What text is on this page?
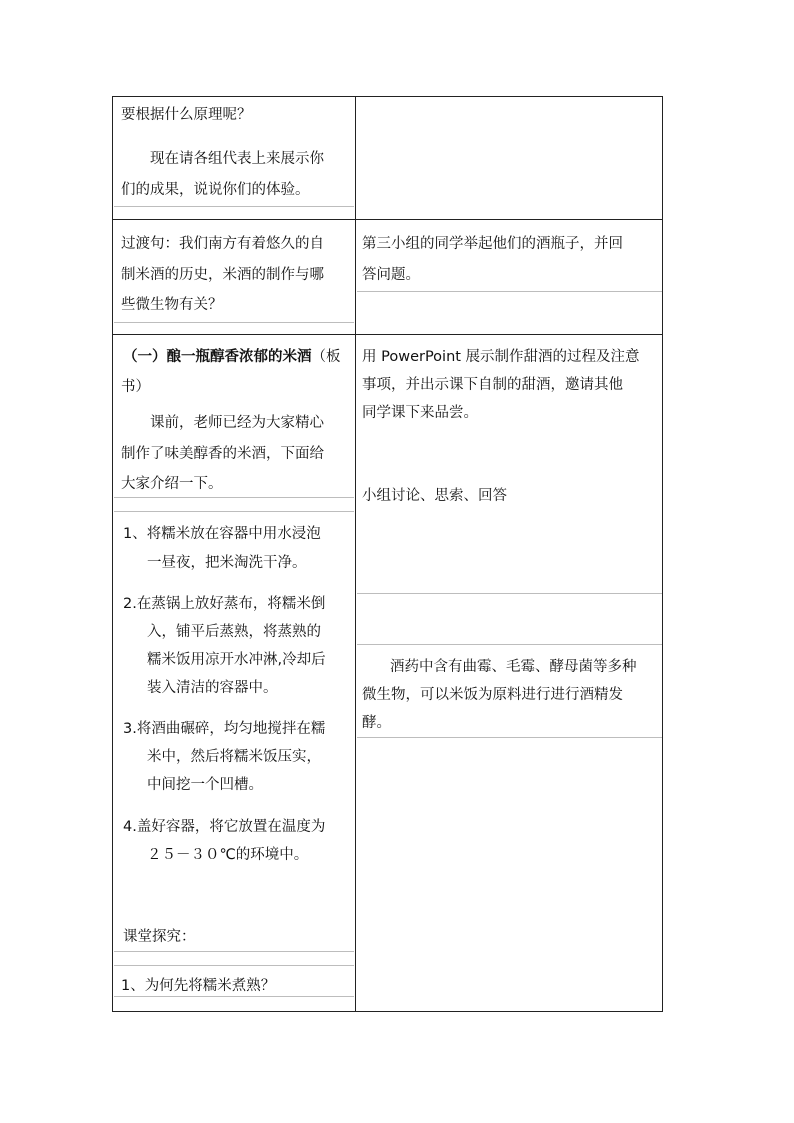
要根据什么原理呢？
现在请各组代表上来展示你
们的成果，说说你们的体验。
过渡句：我们南方有着悠久的自
制米酒的历史，米酒的制作与哪
些微生物有关？
（一）酿一瓶醇香浓郁的米酒（板
书）
课前，老师已经为大家精心
制作了味美醇香的米酒，下面给
大家介绍一下。
1、将糯米放在容器中用水浸泡
一昼夜，把米淘洗干净。
2.在蒸锅上放好蒸布，将糯米倒
入，铺平后蒸熟，将蒸熟的
糯米饭用凉开水冲淋,冷却后
装入清洁的容器中。
3.将酒曲碾碎，均匀地搅拌在糯
米中，然后将糯米饭压实，
中间挖一个凹槽。
4.盖好容器，将它放置在温度为
２５－３０℃的环境中。
课堂探究：
1、为何先将糯米煮熟？
第三小组的同学举起他们的酒瓶子，并回
答问题。
用 PowerPoint 展示制作甜酒的过程及注意
事项，并出示课下自制的甜酒，邀请其他
同学课下来品尝。
小组讨论、思索、回答
酒药中含有曲霉、毛霉、酵母菌等多种
微生物，可以米饭为原料进行进行酒精发
酵。
